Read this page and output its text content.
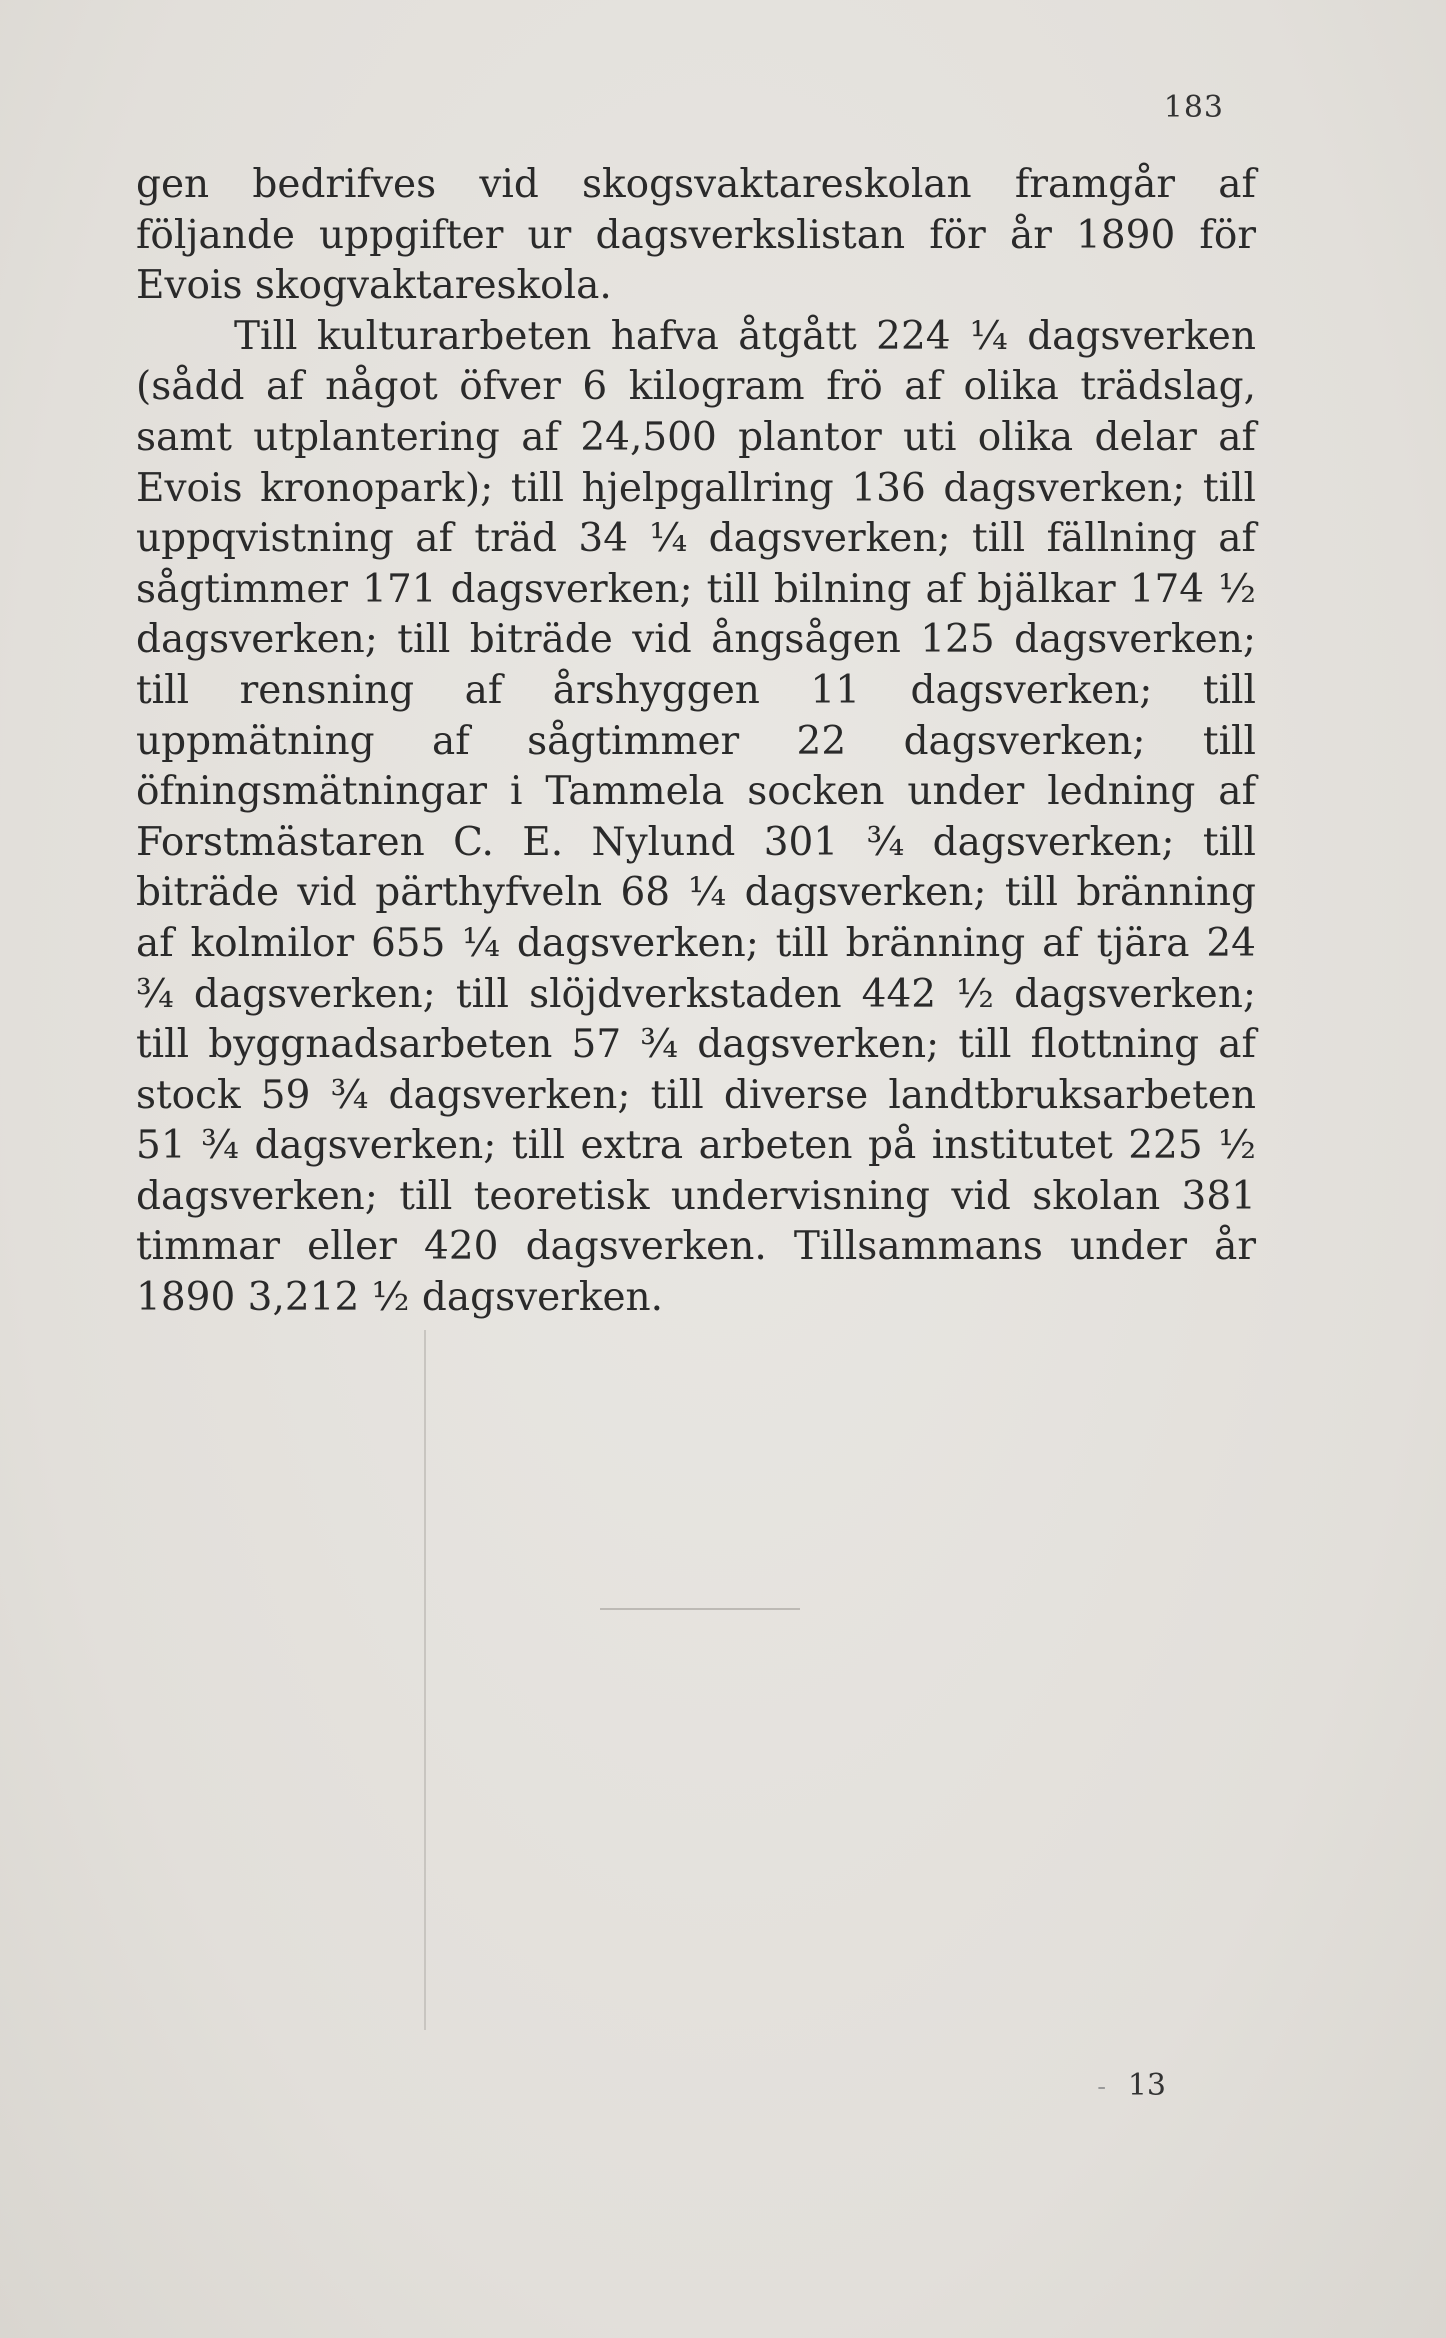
183

gen bedrifves vid skogsvaktareskolan framgår af följande uppgifter ur dagsverkslistan för år 1890 för Evois skogvaktareskola.

Till kulturarbeten hafva åtgått 224 ¼ dagsverken (sådd af något öfver 6 kilogram frö af olika trädslag, samt utplantering af 24,500 plantor uti olika delar af Evois kronopark); till hjelpgallring 136 dagsverken; till uppqvistning af träd 34 ¼ dagsverken; till fällning af sågtimmer 171 dagsverken; till bilning af bjälkar 174 ½ dagsverken; till biträde vid ångsågen 125 dagsverken; till rensning af årshyggen 11 dagsverken; till uppmätning af sågtimmer 22 dagsverken; till öfningsmätningar i Tammela socken under ledning af Forstmästaren C. E. Nylund 301 ¾ dagsverken; till biträde vid pärthyfveln 68 ¼ dagsverken; till bränning af kolmilor 655 ¼ dagsverken; till bränning af tjära 24 ¾ dagsverken; till slöjdverkstaden 442 ½ dagsverken; till byggnadsarbeten 57 ¾ dagsverken; till flottning af stock 59 ¾ dagsverken; till diverse landtbruksarbeten 51 ¾ dagsverken; till extra arbeten på institutet 225 ½ dagsverken; till teoretisk undervisning vid skolan 381 timmar eller 420 dagsverken. Tillsammans under år 1890 3,212 ½ dagsverken.

- 13
